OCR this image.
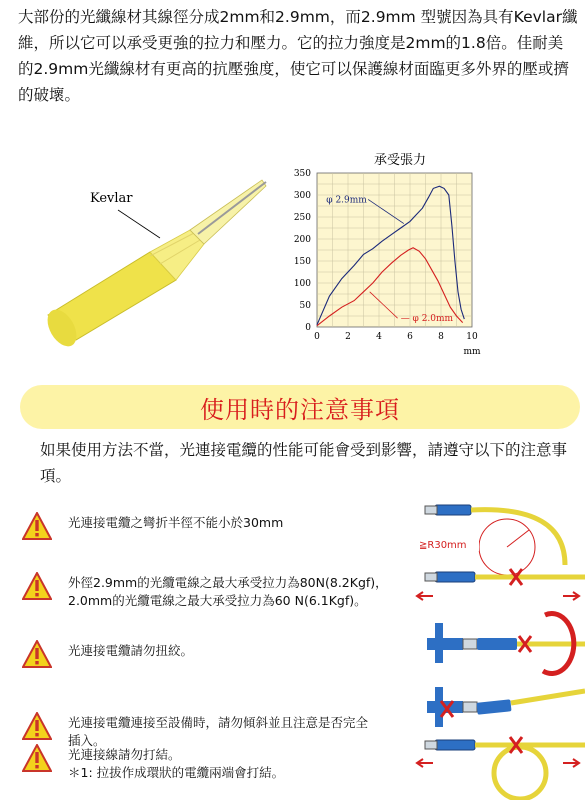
大部份的光纖線材其線徑分成2mm和2.9mm，而2.9mm 型號因為具有Kevlar纖維，所以它可以承受更強的拉力和壓力。它的拉力強度是2mm的1.8倍。佳耐美的2.9mm光纖線材有更高的抗壓強度，使它可以保護線材面臨更多外界的壓或擠的破壞。

Kevlar
承受張力
0
50
100
150
200
250
300
350
0	2	4	6	8 10
φ 2.9mm
— φ 2.0mm
mm
使用時的注意事項

如果使用方法不當，光連接電纜的性能可能會受到影響，請遵守以下的注意事項。

光連接電纜之彎折半徑不能小於30mm
外徑2.9mm的光纜電線之最大承受拉力為80N(8.2Kgf)，
2.0mm的光纜電線之最大承受拉力為60 N(6.1Kgf)。
光連接電纜請勿扭絞。
光連接電纜連接至設備時，請勿傾斜並且注意是否完全
插入。
光連接線請勿打結。
＊1: 拉拔作成環狀的電纜兩端會打結。
≧R30mm
